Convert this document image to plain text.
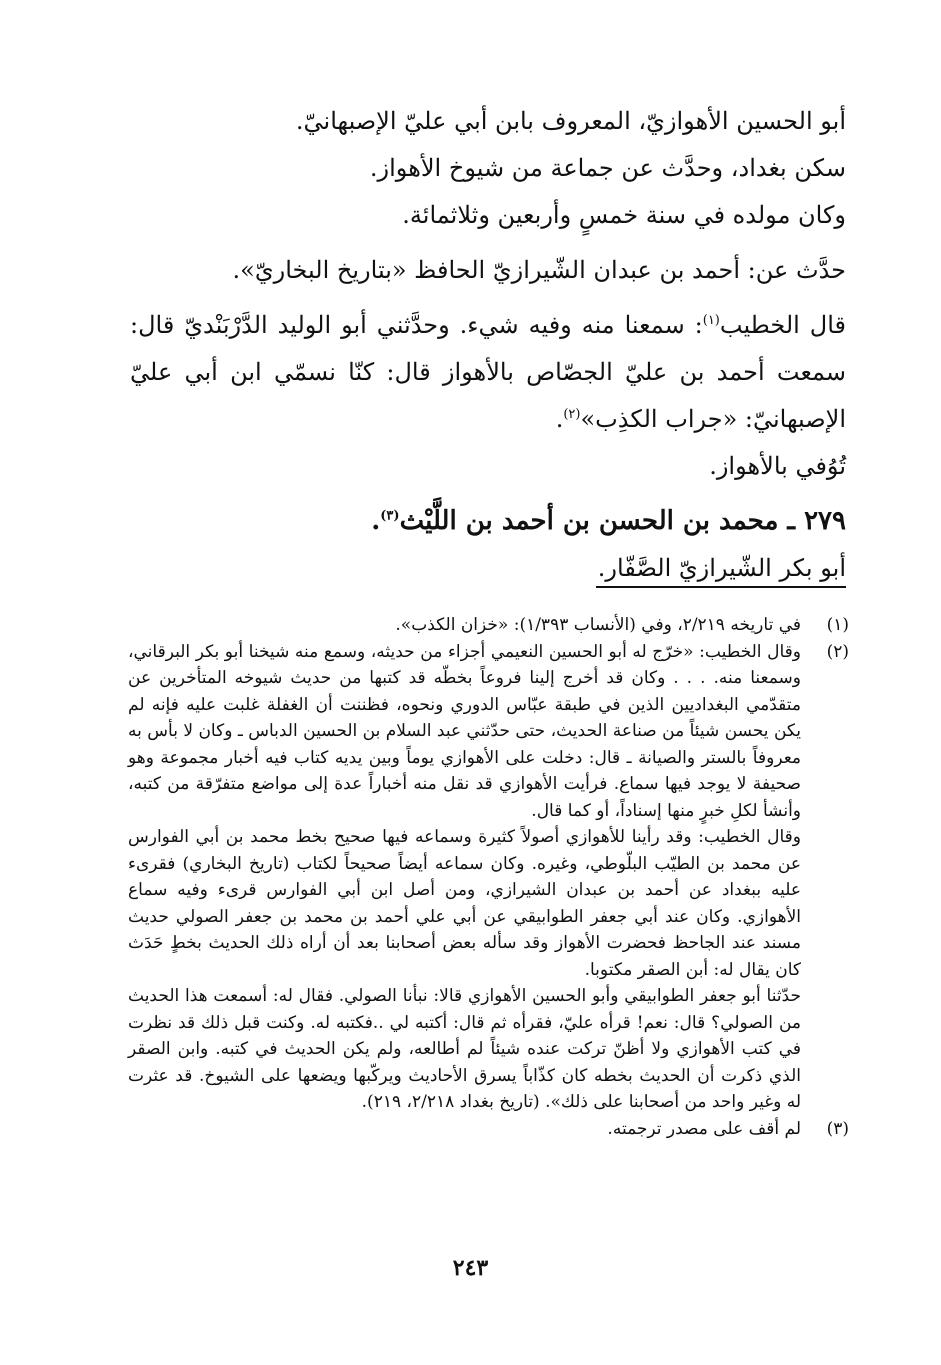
أبو الحسين الأهوازيّ، المعروف بابن أبي عليّ الإصبهانيّ.

سكن بغداد، وحدَّث عن جماعة من شيوخ الأهواز.

وكان مولده في سنة خمسٍ وأربعين وثلاثمائة.

حدَّث عن: أحمد بن عبدان الشّيرازيّ الحافظ «بتاريخ البخاريّ».

قال الخطيب$^{(١)}$: سمعنا منه وفيه شيء. وحدَّثني أبو الوليد الدَّرْبَنْديّ قال: سمعت أحمد بن عليّ الجصّاص بالأهواز قال: كنّا نسمّي ابن أبي عليّ الإصبهانيّ: «جراب الكذِب»$^{(٢)}$.

تُوُفي بالأهواز.

٢٧٩ ـ محمد بن الحسن بن أحمد بن اللَّيْث$^{(٣)}$.

أبو بكر الشّيرازيّ الصَّفّار.

(١)

في تاريخه ٢/٢١٩، وفي (الأنساب ١/٣٩٣): «خزان الكذب».

(٢)

وقال الخطيب: «خرّج له أبو الحسين النعيمي أجزاء من حديثه، وسمع منه شيخنا أبو بكر البرقاني، وسمعنا منه. . . . وكان قد أخرج إلينا فروعاً بخطّه قد كتبها من حديث شيوخه المتأخرين عن متقدّمي البغداديين الذين في طبقة عبّاس الدوري ونحوه، فظننت أن الغفلة غلبت عليه فإنه لم يكن يحسن شيئاً من صناعة الحديث، حتى حدّثني عبد السلام بن الحسين الدباس ـ وكان لا بأس به معروفاً بالستر والصيانة ـ قال: دخلت على الأهوازي يوماً وبين يديه كتاب فيه أخبار مجموعة وهو صحيفة لا يوجد فيها سماع. فرأيت الأهوازي قد نقل منه أخباراً عدة إلى مواضع متفرّقة من كتبه، وأنشأ لكلِ خبرٍ منها إسناداً، أو كما قال.

وقال الخطيب: وقد رأينا للأهوازي أصولاً كثيرة وسماعه فيها صحيح بخط محمد بن أبي الفوارس عن محمد بن الطيّب البلّوطي، وغيره. وكان سماعه أيضاً صحيحاً لكتاب (تاريخ البخاري) فقرىء عليه ببغداد عن أحمد بن عبدان الشيرازي، ومن أصل ابن أبي الفوارس قرىء وفيه سماع الأهوازي. وكان عند أبي جعفر الطوابيقي عن أبي علي أحمد بن محمد بن جعفر الصولي حديث مسند عند الجاحظ فحضرت الأهواز وقد سأله بعض أصحابنا بعد أن أراه ذلك الحديث بخطٍ حَدَث كان يقال له: أبن الصقر مكتوبا.

حدّثنا أبو جعفر الطوابيقي وأبو الحسين الأهوازي قالا: نبأنا الصولي. فقال له: أسمعت هذا الحديث من الصولي؟ قال: نعم! قرأه عليّ، فقرأه ثم قال: أكتبه لي ..فكتبه له. وكنت قبل ذلك قد نظرت في كتب الأهوازي ولا أظنّ تركت عنده شيئاً لم أطالعه، ولم يكن الحديث في كتبه. وابن الصقر الذي ذكرت أن الحديث بخطه كان كذّاباً يسرق الأحاديث ويركّبها ويضعها على الشيوخ. قد عثرت له وغير واحد من أصحابنا على ذلك». (تاريخ بغداد ٢/٢١٨، ٢١٩).

(٣)

لم أقف على مصدر ترجمته.

٢٤٣
